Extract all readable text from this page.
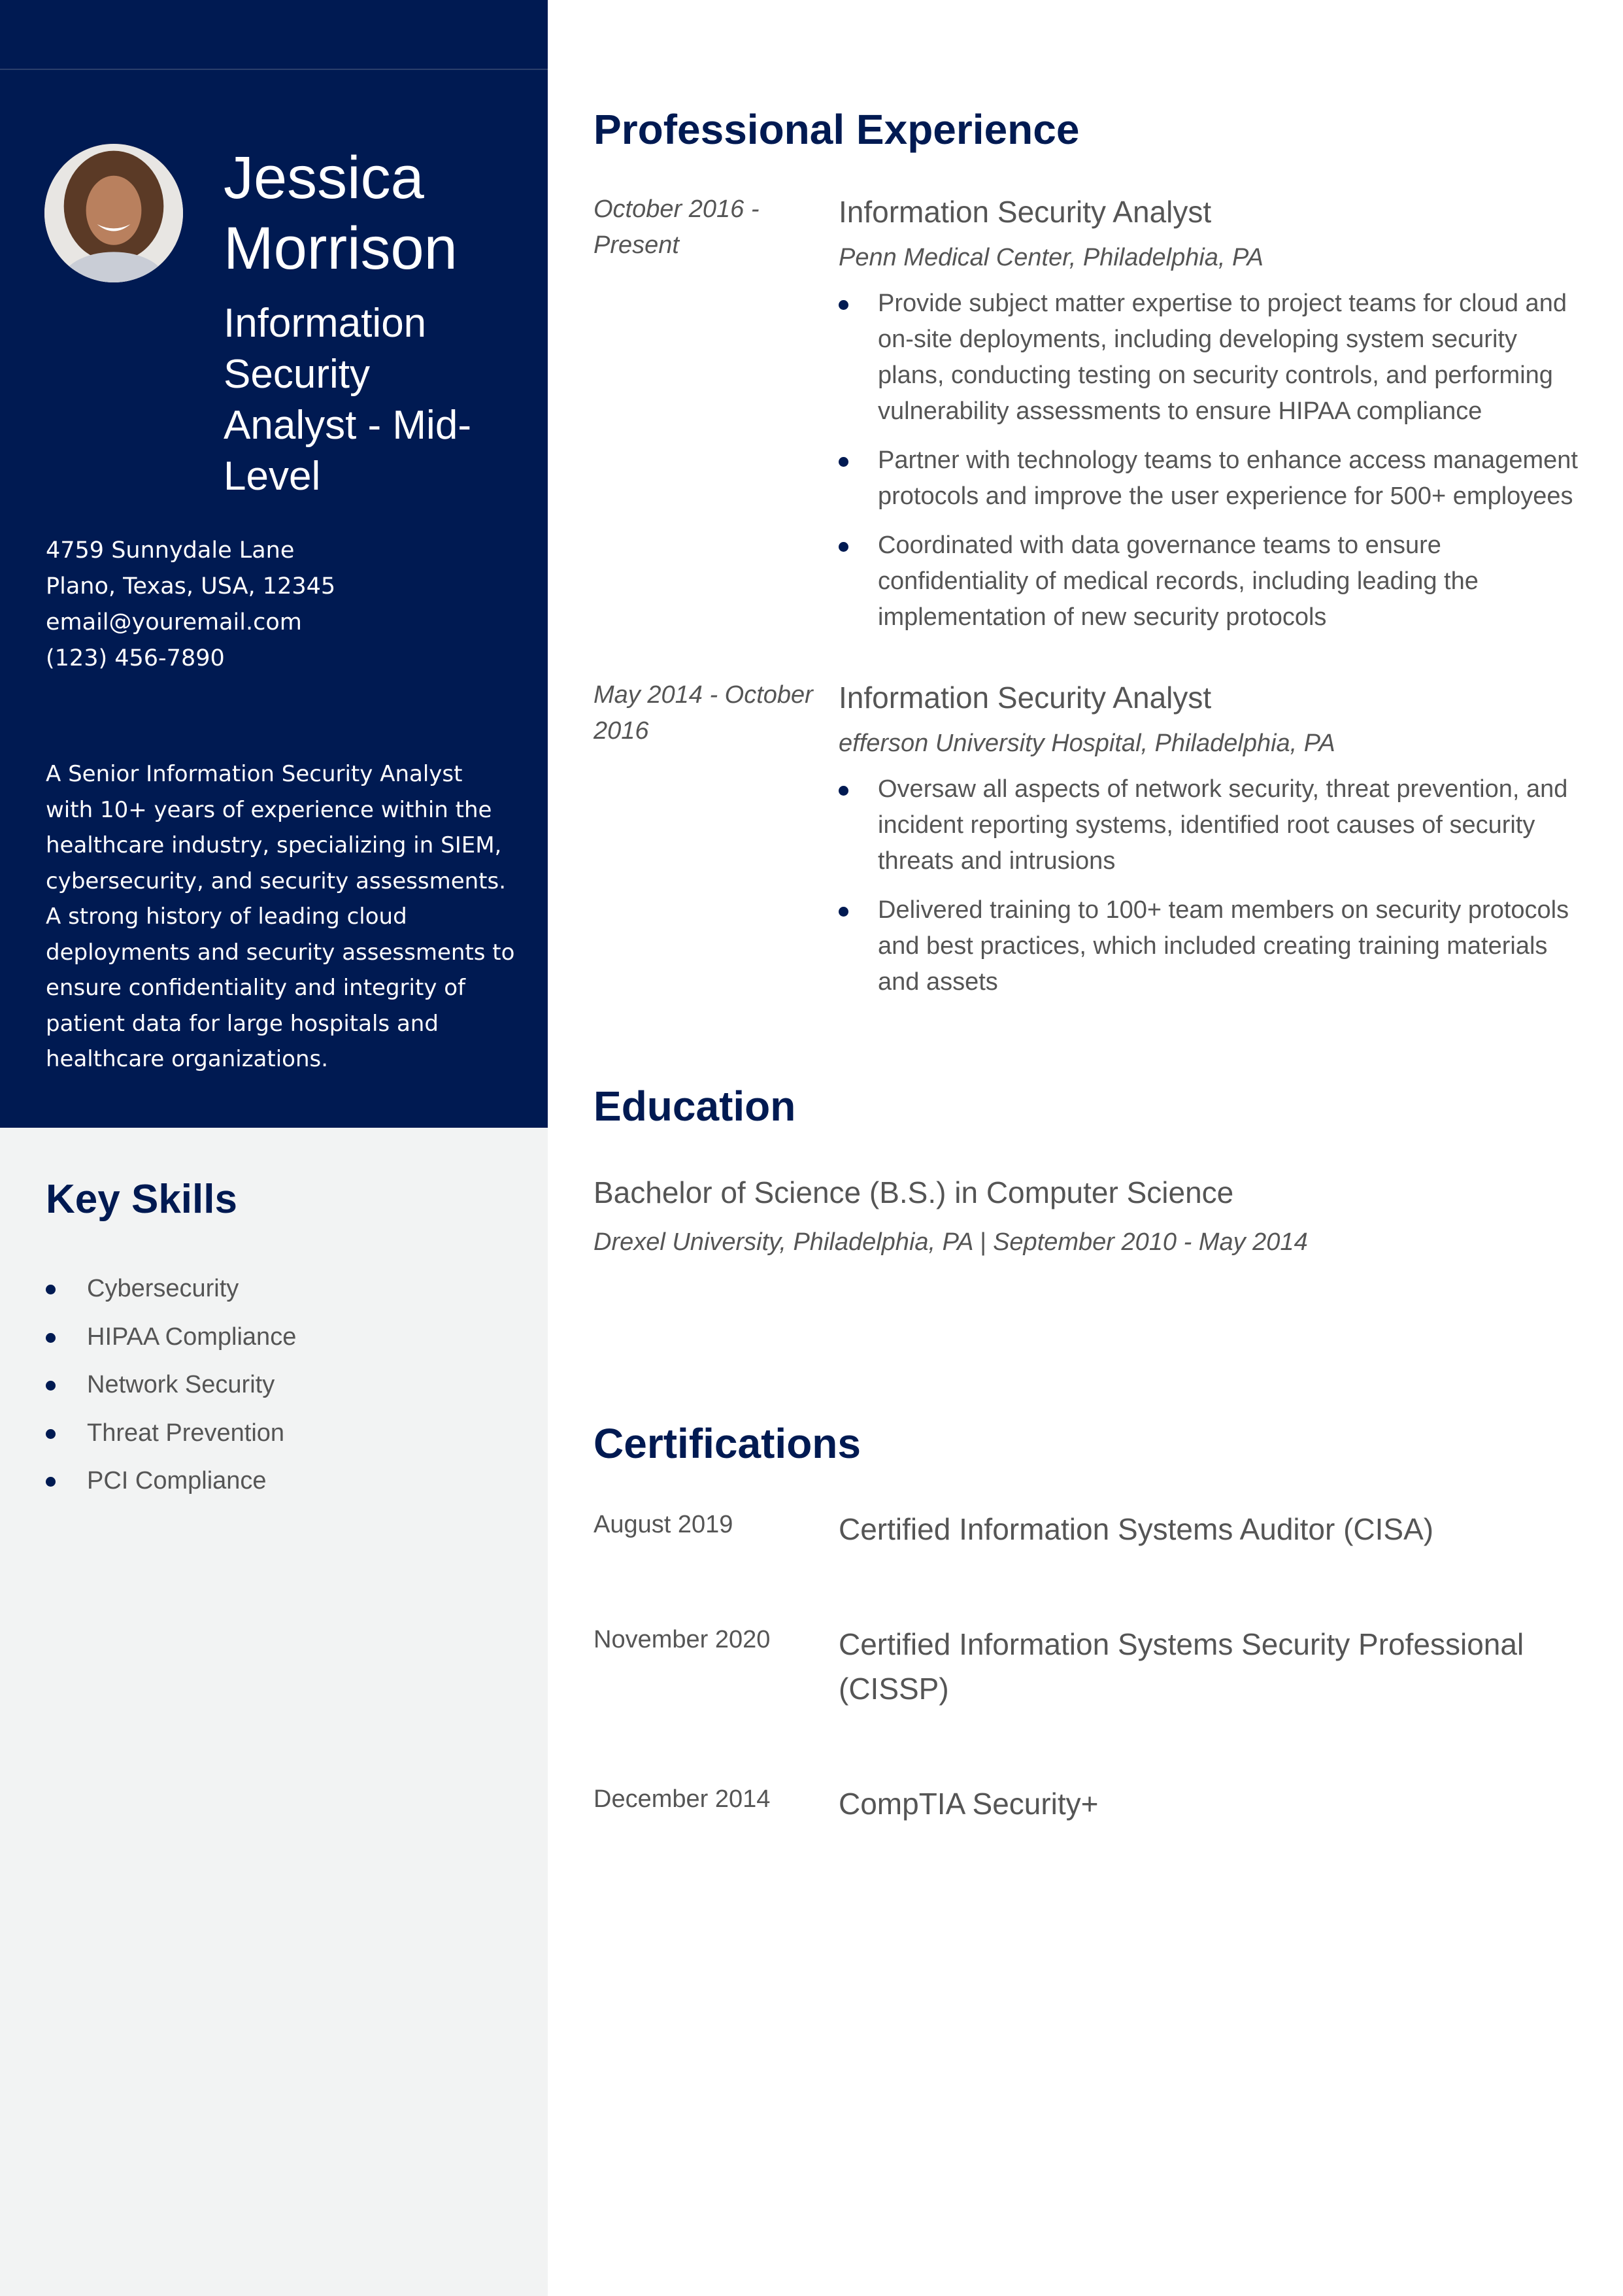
Jessica
Morrison
Information Security Analyst - Mid-Level
4759 Sunnydale Lane
Plano, Texas, USA, 12345
email@youremail.com
(123) 456-7890
A Senior Information Security Analyst with 10+ years of experience within the healthcare industry, specializing in SIEM, cybersecurity, and security assessments. A strong history of leading cloud deployments and security assessments to ensure confidentiality and integrity of patient data for large hospitals and healthcare organizations.
Key Skills
Cybersecurity
HIPAA Compliance
Network Security
Threat Prevention
PCI Compliance
Professional Experience
October 2016 - Present
Information Security Analyst
Penn Medical Center, Philadelphia, PA
Provide subject matter expertise to project teams for cloud and on-site deployments, including developing system security plans, conducting testing on security controls, and performing vulnerability assessments to ensure HIPAA compliance
Partner with technology teams to enhance access management protocols and improve the user experience for 500+ employees
Coordinated with data governance teams to ensure confidentiality of medical records, including leading the implementation of new security protocols
May 2014 - October 2016
Information Security Analyst
efferson University Hospital, Philadelphia, PA
Oversaw all aspects of network security, threat prevention, and incident reporting systems, identified root causes of security threats and intrusions
Delivered training to 100+ team members on security protocols and best practices, which included creating training materials and assets
Education
Bachelor of Science (B.S.) in Computer Science
Drexel University, Philadelphia, PA | September 2010 - May 2014
Certifications
August 2019	Certified Information Systems Auditor (CISA)
November 2020 Certified Information Systems Security Professional (CISSP)
December 2014 CompTIA Security+
